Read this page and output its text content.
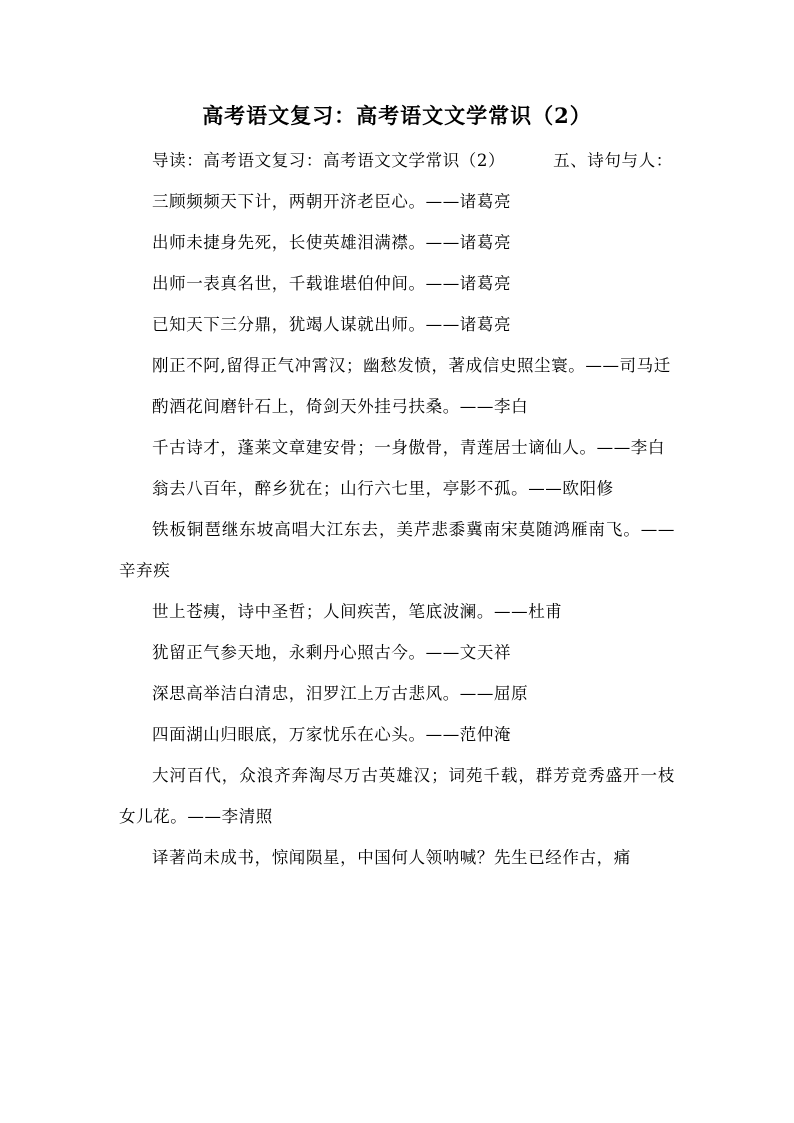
高考语文复习：高考语文文学常识（2）

导读：高考语文复习：高考语文文学常识（2）	五、诗句与人：

三顾频频天下计，两朝开济老臣心。——诸葛亮

出师未捷身先死，长使英雄泪满襟。——诸葛亮

出师一表真名世，千载谁堪伯仲间。——诸葛亮

已知天下三分鼎，犹竭人谋就出师。——诸葛亮

刚正不阿,留得正气冲霄汉；幽愁发愤，著成信史照尘寰。——司马迁

酌酒花间磨针石上，倚剑天外挂弓扶桑。——李白

千古诗才，蓬莱文章建安骨；一身傲骨，青莲居士谪仙人。——李白

翁去八百年，醉乡犹在；山行六七里，亭影不孤。——欧阳修

铁板铜琶继东坡高唱大江东去，美芹悲黍冀南宋莫随鸿雁南飞。——辛弃疾

世上苍痍，诗中圣哲；人间疾苦，笔底波澜。——杜甫

犹留正气参天地，永剩丹心照古今。——文天祥

深思高举洁白清忠，汨罗江上万古悲风。——屈原

四面湖山归眼底，万家忧乐在心头。——范仲淹

大河百代，众浪齐奔淘尽万古英雄汉；词苑千载，群芳竞秀盛开一枝女儿花。——李清照

译著尚未成书，惊闻陨星，中国何人领呐喊？先生已经作古，痛
